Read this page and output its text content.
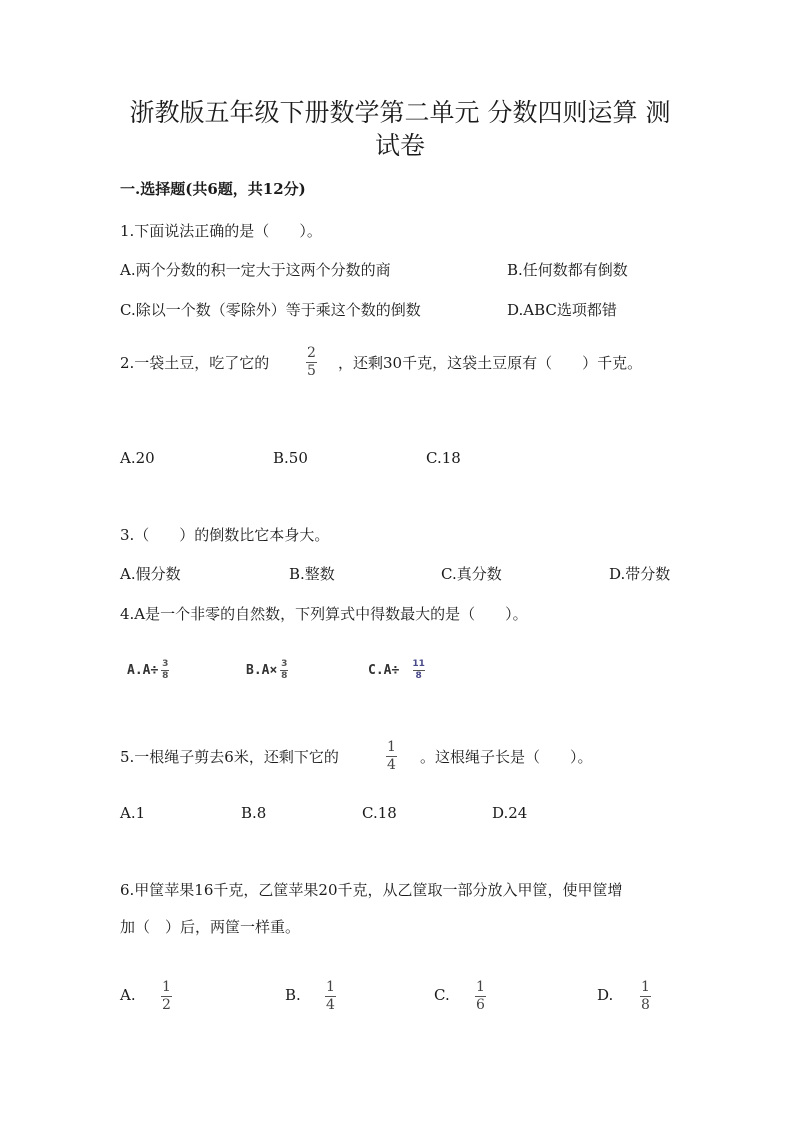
浙教版五年级下册数学第二单元 分数四则运算 测
试卷
一.选择题(共6题，共12分)
1.下面说法正确的是（　　）。
A.两个分数的积一定大于这两个分数的商	B.任何数都有倒数
C.除以一个数（零除外）等于乘这个数的倒数	D.ABC选项都错
2.一袋土豆，吃了它的
2
5 ，还剩30千克，这袋土豆原有（　　）千克。
A.20	B.50	C.18
3.（　　）的倒数比它本身大。
A.假分数	B.整数	C.真分数	D.带分数
4.A是一个非零的自然数，下列算式中得数最大的是（　　）。
$A.A\div \frac{3}{8}$	$B.A\times \frac{3}{8}$	$C.A\div \frac{11}{8}$
5.一根绳子剪去6米，还剩下它的
1
4 。这根绳子长是（　　）。
A.1	B.8	C.18	D.24
6.甲筐苹果16千克，乙筐苹果20千克，从乙筐取一部分放入甲筐，使甲筐增
加（　）后，两筐一样重。
A. 1
2
B. 1
4
C. 1
6
D. 1
8
